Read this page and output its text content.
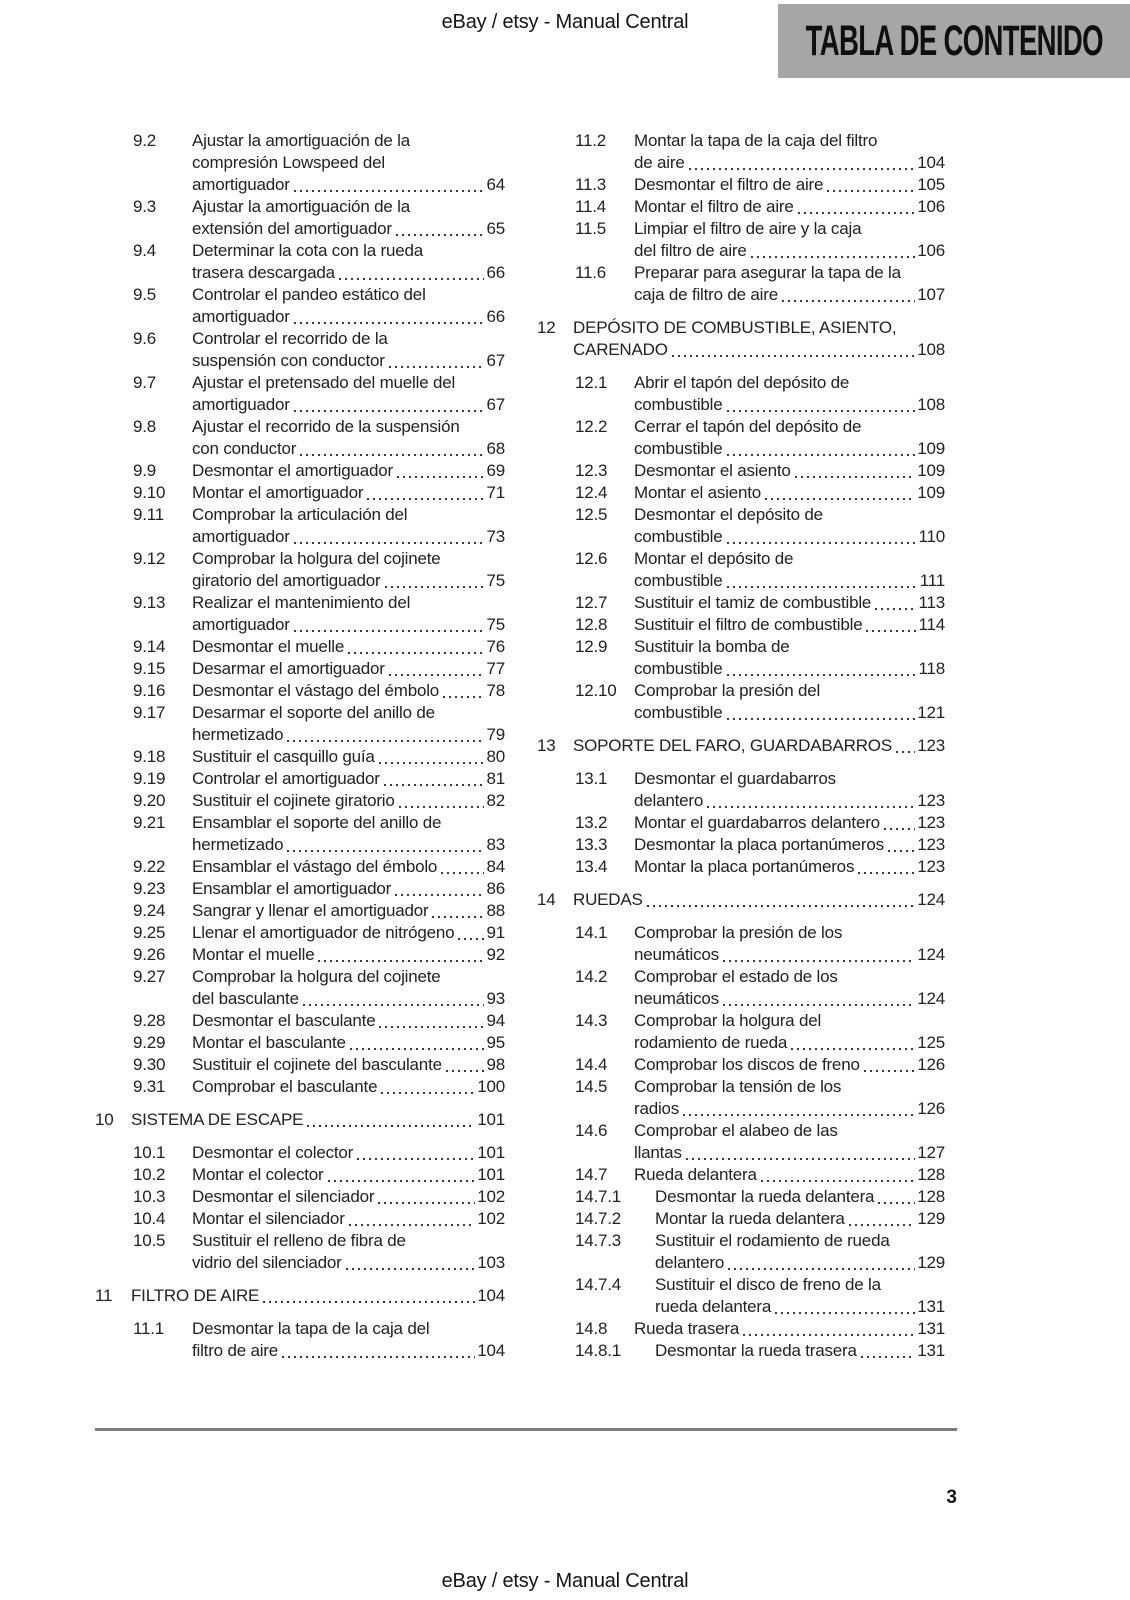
eBay / etsy - Manual Central	TABLA DE CONTENIDO
9.2	Ajustar la amortiguación de la
compresión Lowspeed del
amortiguador	64
9.3	Ajustar la amortiguación de la
extensión del amortiguador	65
9.4	Determinar la cota con la rueda
trasera descargada	66
9.5	Controlar el pandeo estático del
amortiguador	66
9.6	Controlar el recorrido de la
suspensión con conductor	67
9.7	Ajustar el pretensado del muelle del
amortiguador	67
9.8	Ajustar el recorrido de la suspensión
con conductor	68
9.9	Desmontar el amortiguador	69
9.10	Montar el amortiguador	71
9.11	Comprobar la articulación del
amortiguador	73
9.12	Comprobar la holgura del cojinete
giratorio del amortiguador	75
9.13	Realizar el mantenimiento del
amortiguador	75
9.14	Desmontar el muelle	76
9.15	Desarmar el amortiguador	77
9.16	Desmontar el vástago del émbolo	78
9.17	Desarmar el soporte del anillo de
hermetizado	79
9.18	Sustituir el casquillo guía	80
9.19	Controlar el amortiguador	81
9.20	Sustituir el cojinete giratorio	82
9.21	Ensamblar el soporte del anillo de
hermetizado	83
9.22	Ensamblar el vástago del émbolo	84
9.23	Ensamblar el amortiguador	86
9.24	Sangrar y llenar el amortiguador	88
9.25	Llenar el amortiguador de nitrógeno 91
9.26	Montar el muelle	92
9.27	Comprobar la holgura del cojinete
del basculante	93
9.28	Desmontar el basculante	94
9.29	Montar el basculante	95
9.30	Sustituir el cojinete del basculante	98
9.31	Comprobar el basculante	100
10	SISTEMA DE ESCAPE	101
10.1	Desmontar el colector	101
10.2	Montar el colector	101
10.3	Desmontar el silenciador	102
10.4	Montar el silenciador	102
10.5	Sustituir el relleno de fibra de
vidrio del silenciador	103
11	FILTRO DE AIRE	104
11.1	Desmontar la tapa de la caja del
filtro de aire	104
11.2	Montar la tapa de la caja del filtro
de aire	104
11.3	Desmontar el filtro de aire	105
11.4	Montar el filtro de aire	106
11.5	Limpiar el filtro de aire y la caja
del filtro de aire	106
11.6	Preparar para asegurar la tapa de la
caja de filtro de aire	107
12	DEPÓSITO DE COMBUSTIBLE, ASIENTO,
CARENADO	108
12.1	Abrir el tapón del depósito de
combustible	108
12.2	Cerrar el tapón del depósito de
combustible	109
12.3	Desmontar el asiento	109
12.4	Montar el asiento	109
12.5	Desmontar el depósito de
combustible	110
12.6	Montar el depósito de
combustible	111
12.7	Sustituir el tamiz de combustible	113
12.8	Sustituir el filtro de combustible	114
12.9	Sustituir la bomba de
combustible	118
12.10	Comprobar la presión del
combustible	121
13	SOPORTE DEL FARO, GUARDABARROS 123
13.1	Desmontar el guardabarros
delantero	123
13.2	Montar el guardabarros delantero 123
13.3	Desmontar la placa portanúmeros 123
13.4	Montar la placa portanúmeros	123
14	RUEDAS	124
14.1	Comprobar la presión de los
neumáticos	124
14.2	Comprobar el estado de los
neumáticos	124
14.3	Comprobar la holgura del
rodamiento de rueda	125
14.4	Comprobar los discos de freno	126
14.5	Comprobar la tensión de los
radios	126
14.6	Comprobar el alabeo de las
llantas	127
14.7	Rueda delantera	128
14.7.1	Desmontar la rueda delantera	128
14.7.2	Montar la rueda delantera	129
14.7.3	Sustituir el rodamiento de rueda
delantero	129
14.7.4	Sustituir el disco de freno de la
rueda delantera	131
14.8	Rueda trasera	131
14.8.1	Desmontar la rueda trasera	131
3
eBay / etsy - Manual Central
